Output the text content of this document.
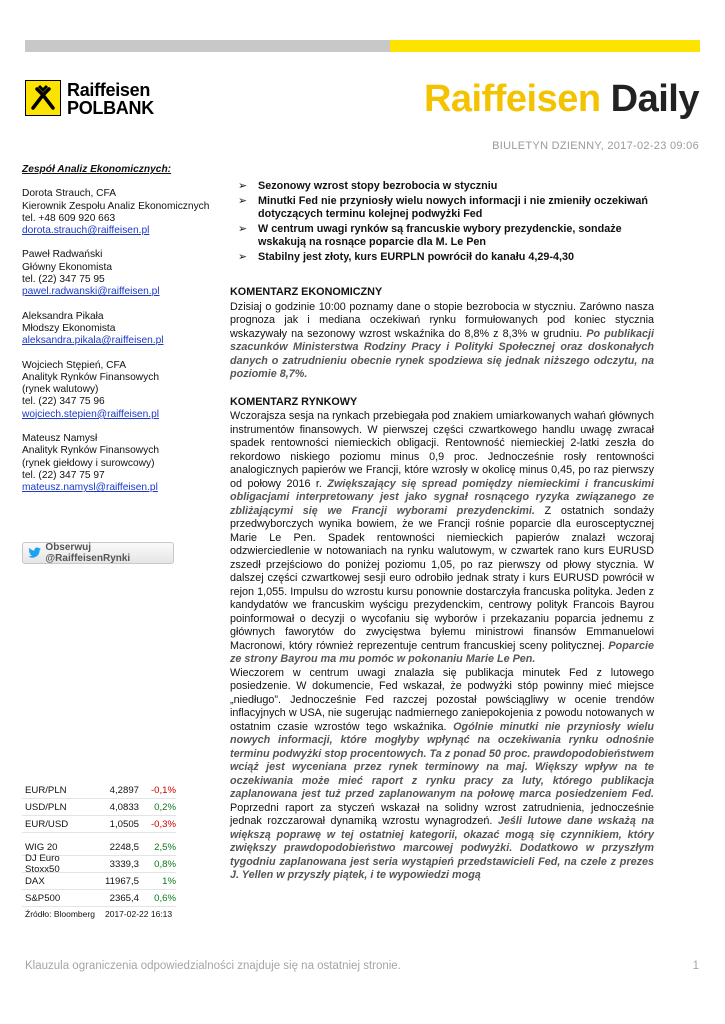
Raiffeisen
POLBANK	Raiffeisen Daily
BIULETYN DZIENNY, 2017-02-23 09:06
Zespół Analiz Ekonomicznych:
Dorota Strauch, CFA
Kierownik Zespołu Analiz Ekonomicznych
tel. +48 609 920 663
dorota.strauch@raiffeisen.pl
Paweł Radwański
Główny Ekonomista
tel. (22) 347 75 95
pawel.radwanski@raiffeisen.pl
Aleksandra Pikała
Młodszy Ekonomista
aleksandra.pikala@raiffeisen.pl
Wojciech Stępień, CFA
Analityk Rynków Finansowych
(rynek walutowy)
tel. (22) 347 75 96
wojciech.stepien@raiffeisen.pl
Mateusz Namysł
Analityk Rynków Finansowych
(rynek giełdowy i surowcowy)
tel. (22) 347 75 97
mateusz.namysl@raiffeisen.pl
Obserwuj @RaiffeisenRynki
EUR/PLN	4,2897	-0,1%
USD/PLN	4,0833	0,2%
EUR/USD	1,0505	-0,3%
WIG 20	2248,5	2,5%
DJ Euro Stoxx50	3339,3	0,8%
DAX	11967,5	1%
S&P500	2365,4	0,6%
Źródło: Bloomberg	2017-02-22 16:13
➢ Sezonowy wzrost stopy bezrobocia w styczniu
➢ Minutki Fed nie przyniosły wielu nowych informacji i nie zmieniły oczekiwań dotyczących terminu kolejnej podwyżki Fed
➢ W centrum uwagi rynków są francuskie wybory prezydenckie, sondaże wskakują na rosnące poparcie dla M. Le Pen
➢ Stabilny jest złoty, kurs EURPLN powrócił do kanału 4,29-4,30
KOMENTARZ EKONOMICZNY

Dzisiaj o godzinie 10:00 poznamy dane o stopie bezrobocia w styczniu. Zarówno nasza prognoza jak i mediana oczekiwań rynku formułowanych pod koniec stycznia wskazywały na sezonowy wzrost wskaźnika do 8,8% z 8,3% w grudniu. Po publikacji szacunków Ministerstwa Rodziny Pracy i Polityki Społecznej oraz doskonałych danych o zatrudnieniu obecnie rynek spodziewa się jednak niższego odczytu, na poziomie 8,7%.

KOMENTARZ RYNKOWY

Wczorajsza sesja na rynkach przebiegała pod znakiem umiarkowanych wahań głównych instrumentów finansowych. W pierwszej części czwartkowego handlu uwagę zwracał spadek rentowności niemieckich obligacji. Rentowność niemieckiej 2-latki zeszła do rekordowo niskiego poziomu minus 0,9 proc. Jednocześnie rosły rentowności analogicznych papierów we Francji, które wzrosły w okolicę minus 0,45, po raz pierwszy od połowy 2016 r. Zwiększający się spread pomiędzy niemieckimi i francuskimi obligacjami interpretowany jest jako sygnał rosnącego ryzyka związanego ze zbliżającymi się we Francji wyborami prezydenckimi. Z ostatnich sondaży przedwyborczych wynika bowiem, że we Francji rośnie poparcie dla eurosceptycznej Marie Le Pen. Spadek rentowności niemieckich papierów znalazł wczoraj odzwierciedlenie w notowaniach na rynku walutowym, w czwartek rano kurs EURUSD zszedł przejściowo do poniżej poziomu 1,05, po raz pierwszy od płowy stycznia. W dalszej części czwartkowej sesji euro odrobiło jednak straty i kurs EURUSD powrócił w rejon 1,055. Impulsu do wzrostu kursu ponownie dostarczyła francuska polityka. Jeden z kandydatów we francuskim wyścigu prezydenckim, centrowy polityk Francois Bayrou poinformował o decyzji o wycofaniu się wyborów i przekazaniu poparcia jednemu z głównych faworytów do zwycięstwa byłemu ministrowi finansów Emmanuelowi Macronowi, który również reprezentuje centrum francuskiej sceny politycznej. Poparcie ze strony Bayrou ma mu pomóc w pokonaniu Marie Le Pen.

Wieczorem w centrum uwagi znalazła się publikacja minutek Fed z lutowego posiedzenie. W dokumencie, Fed wskazał, że podwyżki stóp powinny mieć miejsce „niedługo”. Jednocześnie Fed razczej pozostał powściągliwy w ocenie trendów inflacyjnych w USA, nie sugerując nadmiernego zaniepokojenia z powodu notowanych w ostatnim czasie wzrostów tego wskaźnika. Ogólnie minutki nie przyniosły wielu nowych informacji, które mogłyby wpłynąć na oczekiwania rynku odnośnie terminu podwyżki stop procentowych. Ta z ponad 50 proc. prawdopodobieństwem wciąż jest wyceniana przez rynek terminowy na maj. Większy wpływ na te oczekiwania może mieć raport z rynku pracy za luty, którego publikacja zaplanowana jest tuż przed zaplanowanym na połowę marca posiedzeniem Fed. Poprzedni raport za styczeń wskazał na solidny wzrost zatrudnienia, jednocześnie jednak rozczarował dynamiką wzrostu wynagrodzeń. Jeśli lutowe dane wskażą na większą poprawę w tej ostatniej kategorii, okazać mogą się czynnikiem, który zwiększy prawdopodobieństwo marcowej podwyżki. Dodatkowo w przyszłym tygodniu zaplanowana jest seria wystąpień przedstawicieli Fed, na czele z prezes J. Yellen w przyszły piątek, i te wypowiedzi mogą

Klauzula ograniczenia odpowiedzialności znajduje się na ostatniej stronie.	1
